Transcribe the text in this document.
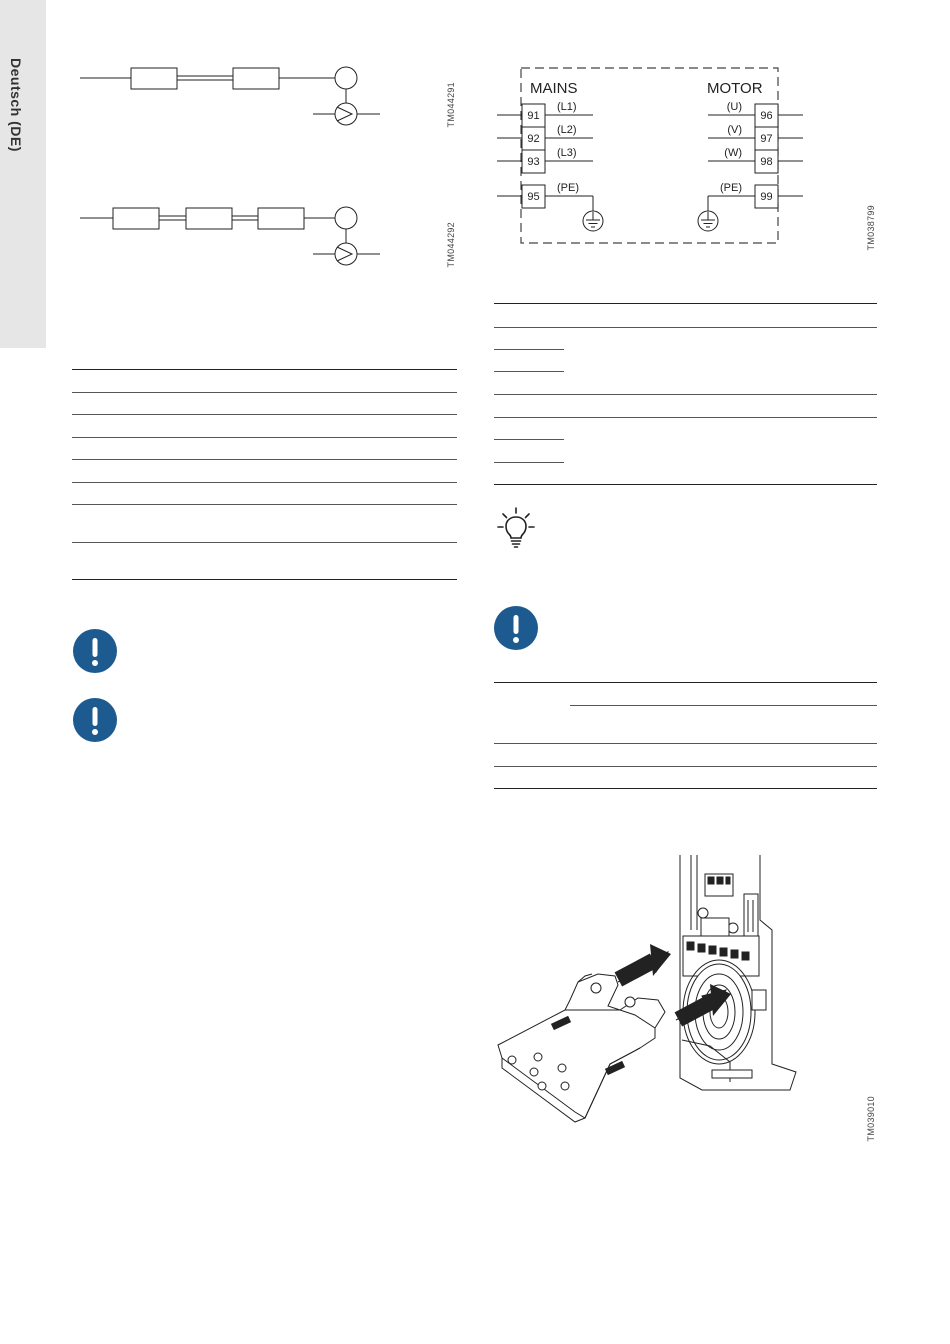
Deutsch (DE)	TM044291
TM044292
MAINS	MOTOR
91
(L1)
92
(L2)
93
(L3)
95
(PE)
96
(U)
97
(V)
98
(W)
99
(PE)
TM038799
TM039010
